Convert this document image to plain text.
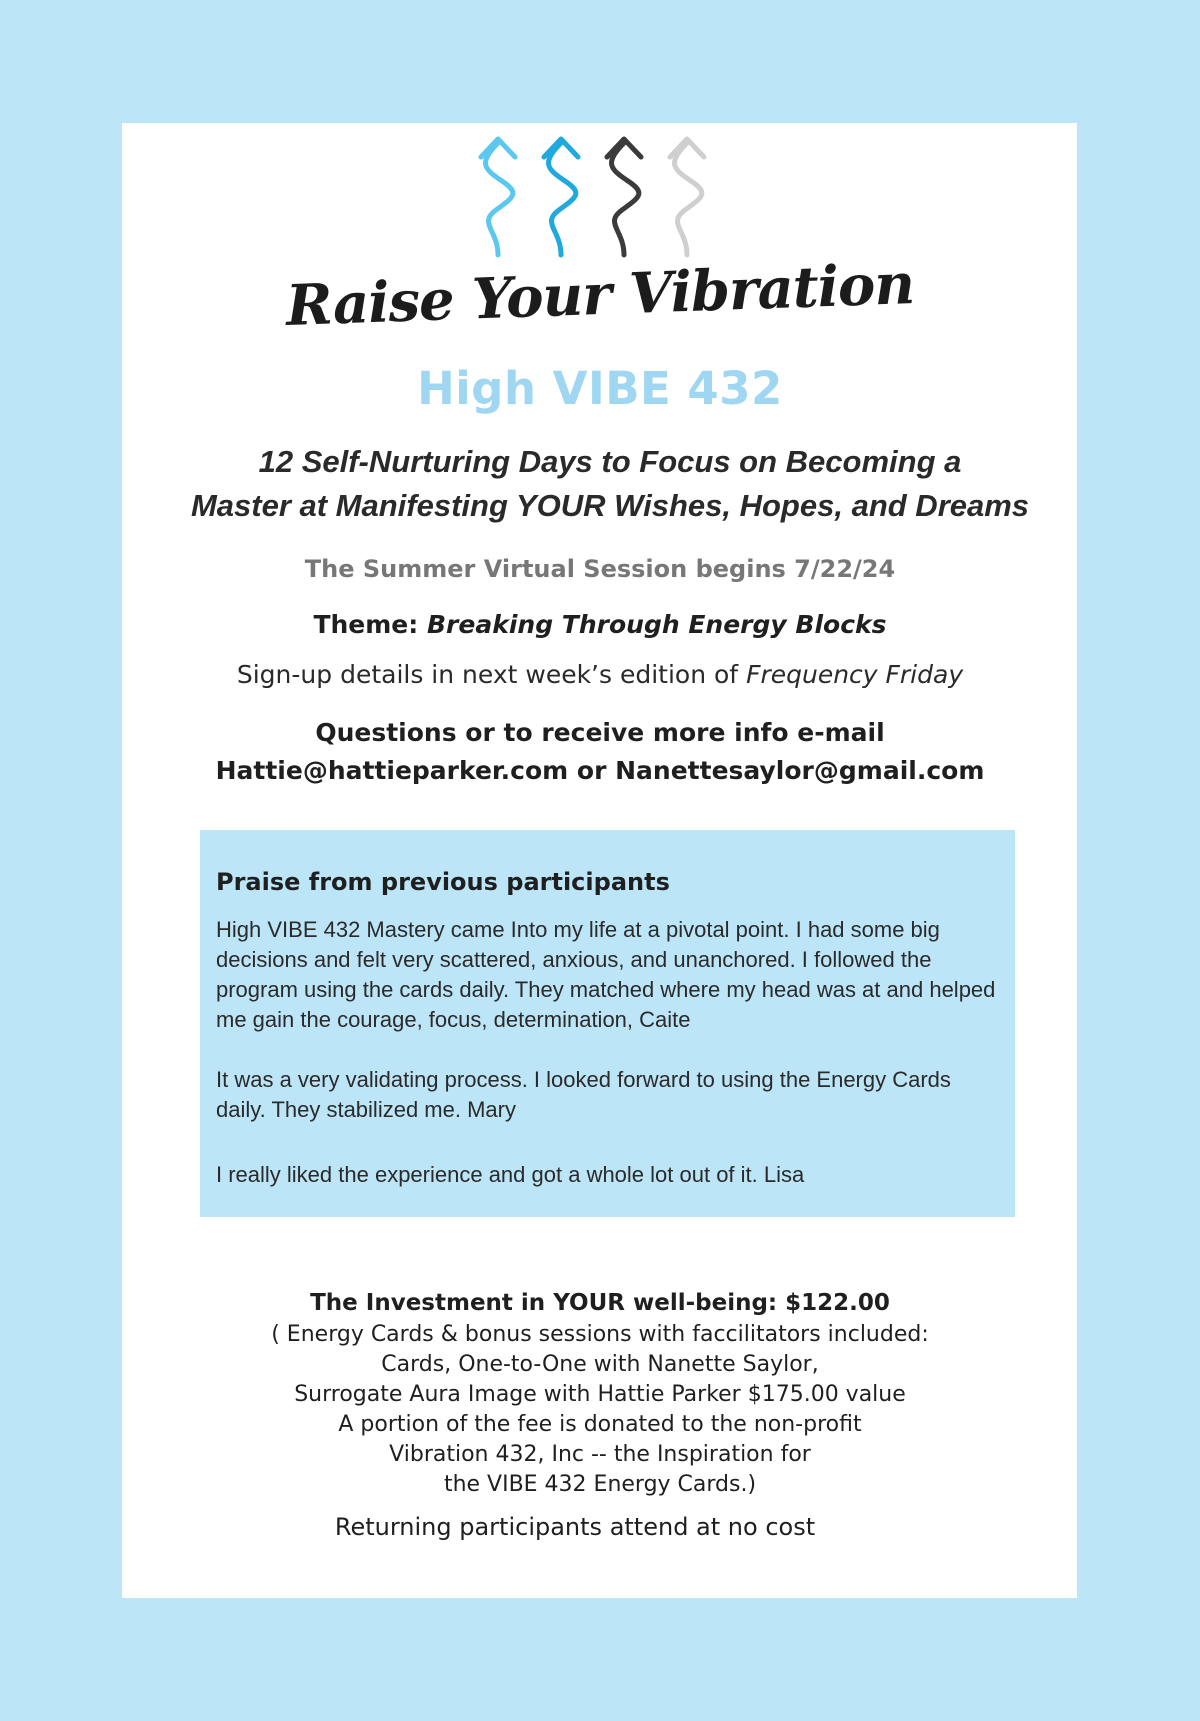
Raise Your Vibration
High VIBE 432
12 Self-Nurturing Days to Focus on Becoming a
Master at Manifesting YOUR Wishes, Hopes, and Dreams
The Summer Virtual Session begins 7/22/24
Theme: Breaking Through Energy Blocks
Sign-up details in next week’s edition of Frequency Friday
Questions or to receive more info e-mail
Hattie@hattieparker.com or Nanettesaylor@gmail.com
Praise from previous participants
High VIBE 432 Mastery came Into my life at a pivotal point. I had some big decisions and felt very scattered, anxious, and unanchored. I followed the program using the cards daily. They matched where my head was at and helped me gain the courage, focus, determination, Caite
It was a very validating process. I looked forward to using the Energy Cards daily. They stabilized me. Mary
I really liked the experience and got a whole lot out of it. Lisa
The Investment in YOUR well-being: $122.00
( Energy Cards & bonus sessions with faccilitators included:
Cards, One-to-One with Nanette Saylor,
Surrogate Aura Image with Hattie Parker $175.00 value
A portion of the fee is donated to the non-profit
Vibration 432, Inc -- the Inspiration for
the VIBE 432 Energy Cards.)
Returning participants attend at no cost
